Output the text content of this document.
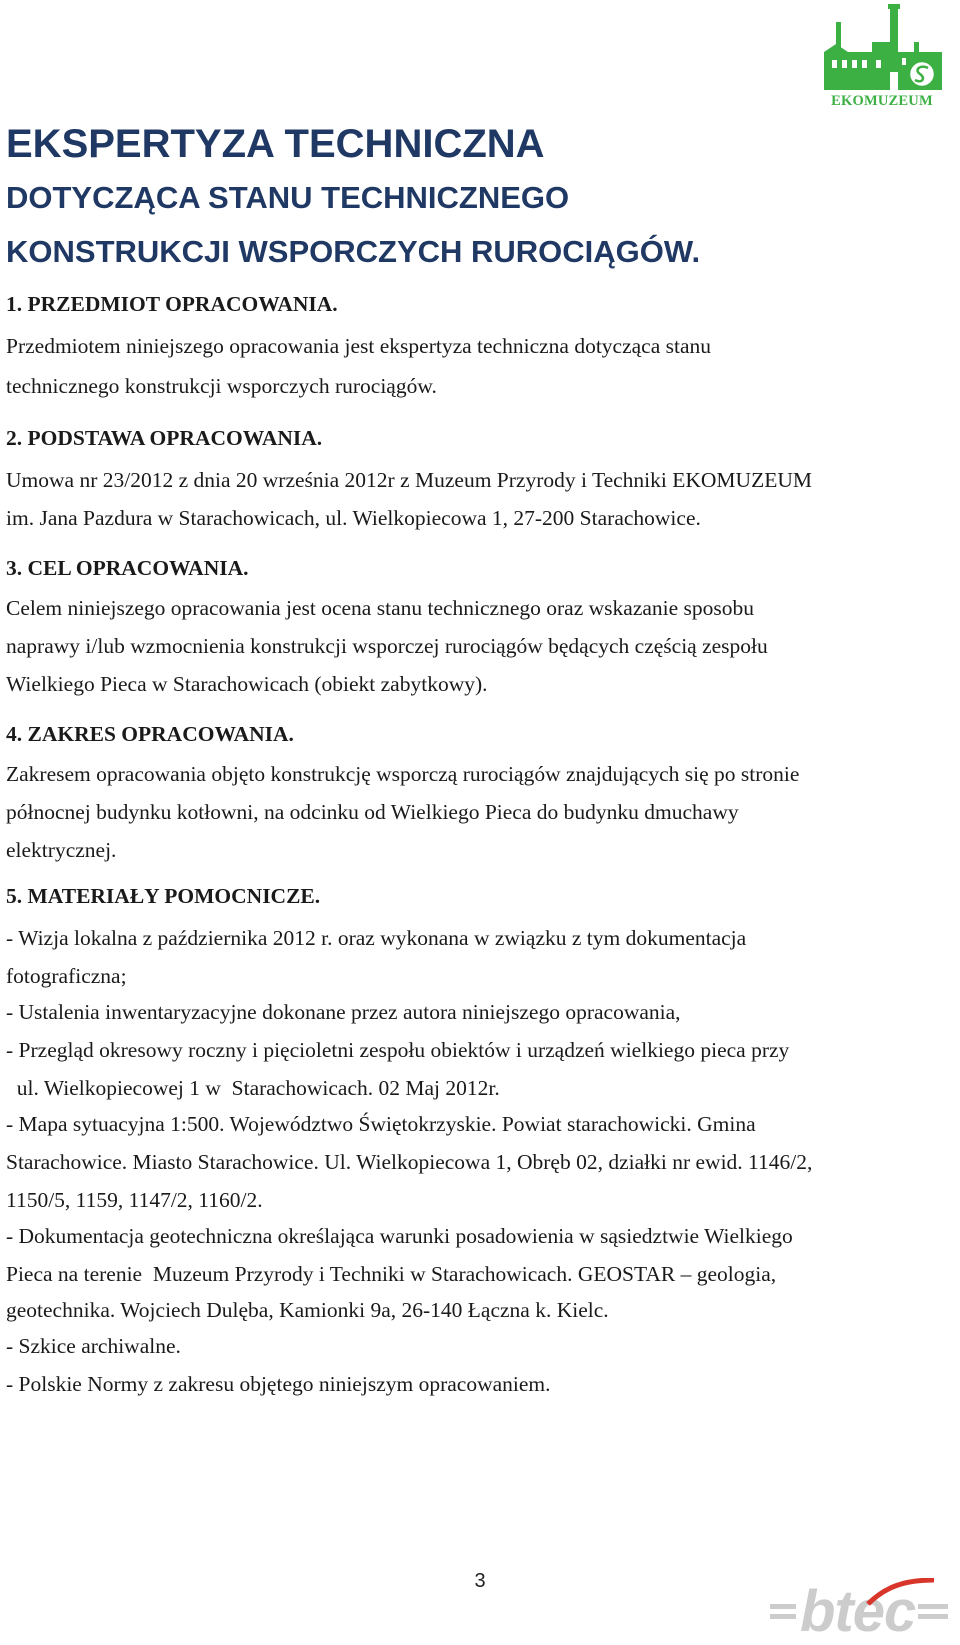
EKOMUZEUM
EKSPERTYZA TECHNICZNA
DOTYCZĄCA STANU TECHNICZNEGO
KONSTRUKCJI WSPORCZYCH RUROCIĄGÓW.
1. PRZEDMIOT OPRACOWANIA.
Przedmiotem niniejszego opracowania jest ekspertyza techniczna dotycząca stanu
technicznego konstrukcji wsporczych rurociągów.
2. PODSTAWA OPRACOWANIA.
Umowa nr 23/2012 z dnia 20 września 2012r z Muzeum Przyrody i Techniki EKOMUZEUM
im. Jana Pazdura w Starachowicach, ul. Wielkopiecowa 1, 27-200 Starachowice.
3. CEL OPRACOWANIA.
Celem niniejszego opracowania jest ocena stanu technicznego oraz wskazanie sposobu
naprawy i/lub wzmocnienia konstrukcji wsporczej rurociągów będących częścią zespołu
Wielkiego Pieca w Starachowicach (obiekt zabytkowy).
4. ZAKRES OPRACOWANIA.
Zakresem opracowania objęto konstrukcję wsporczą rurociągów znajdujących się po stronie
północnej budynku kotłowni, na odcinku od Wielkiego Pieca do budynku dmuchawy
elektrycznej.
5. MATERIAŁY POMOCNICZE.
- Wizja lokalna z października 2012 r. oraz wykonana w związku z tym dokumentacja
fotograficzna;
- Ustalenia inwentaryzacyjne dokonane przez autora niniejszego opracowania,
- Przegląd okresowy roczny i pięcioletni zespołu obiektów i urządzeń wielkiego pieca przy
ul. Wielkopiecowej 1 w  Starachowicach. 02 Maj 2012r.
- Mapa sytuacyjna 1:500. Województwo Świętokrzyskie. Powiat starachowicki. Gmina
Starachowice. Miasto Starachowice. Ul. Wielkopiecowa 1, Obręb 02, działki nr ewid. 1146/2,
1150/5, 1159, 1147/2, 1160/2.
- Dokumentacja geotechniczna określająca warunki posadowienia w sąsiedztwie Wielkiego
Pieca na terenie  Muzeum Przyrody i Techniki w Starachowicach. GEOSTAR – geologia,
geotechnika. Wojciech Dulęba, Kamionki 9a, 26-140 Łączna k. Kielc.
- Szkice archiwalne.
- Polskie Normy z zakresu objętego niniejszym opracowaniem.
3	btec
